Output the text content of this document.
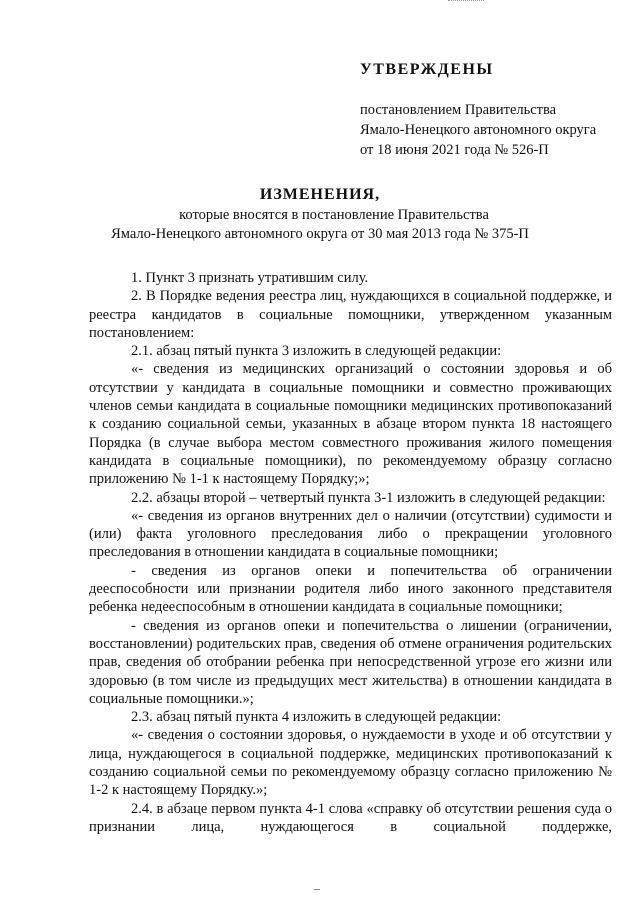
УТВЕРЖДЕНЫ
постановлением Правительства
Ямало-Ненецкого автономного округа
от 18 июня 2021 года № 526-П
ИЗМЕНЕНИЯ,
которые вносятся в постановление Правительства
Ямало-Ненецкого автономного округа от 30 мая 2013 года № 375-П

1. Пункт 3 признать утратившим силу.

2. В Порядке ведения реестра лиц, нуждающихся в социальной поддержке, и реестра кандидатов в социальные помощники, утвержденном указанным постановлением:

2.1. абзац пятый пункта 3 изложить в следующей редакции:

«- сведения из медицинских организаций о состоянии здоровья и об отсутствии у кандидата в социальные помощники и совместно проживающих членов семьи кандидата в социальные помощники медицинских противопоказаний к созданию социальной семьи, указанных в абзаце втором пункта 18 настоящего Порядка (в случае выбора местом совместного проживания жилого помещения кандидата в социальные помощники), по рекомендуемому образцу согласно приложению № 1-1 к настоящему Порядку;»;

2.2. абзацы второй – четвертый пункта 3-1 изложить в следующей редакции:

«- сведения из органов внутренних дел о наличии (отсутствии) судимости и (или) факта уголовного преследования либо о прекращении уголовного преследования в отношении кандидата в социальные помощники;

- сведения из органов опеки и попечительства об ограничении дееспособности или признании родителя либо иного законного представителя ребенка недееспособным в отношении кандидата в социальные помощники;

- сведения из органов опеки и попечительства о лишении (ограничении, восстановлении) родительских прав, сведения об отмене ограничения родительских прав, сведения об отобрании ребенка при непосредственной угрозе его жизни или здоровью (в том числе из предыдущих мест жительства) в отношении кандидата в социальные помощники.»;

2.3. абзац пятый пункта 4 изложить в следующей редакции:

«- сведения о состоянии здоровья, о нуждаемости в уходе и об отсутствии у лица, нуждающегося в социальной поддержке, медицинских противопоказаний к созданию социальной семьи по рекомендуемому образцу согласно приложению № 1-2 к настоящему Порядку.»;

2.4. в абзаце первом пункта 4-1 слова «справку об отсутствии решения суда о признании лица, нуждающегося в социальной поддержке,
